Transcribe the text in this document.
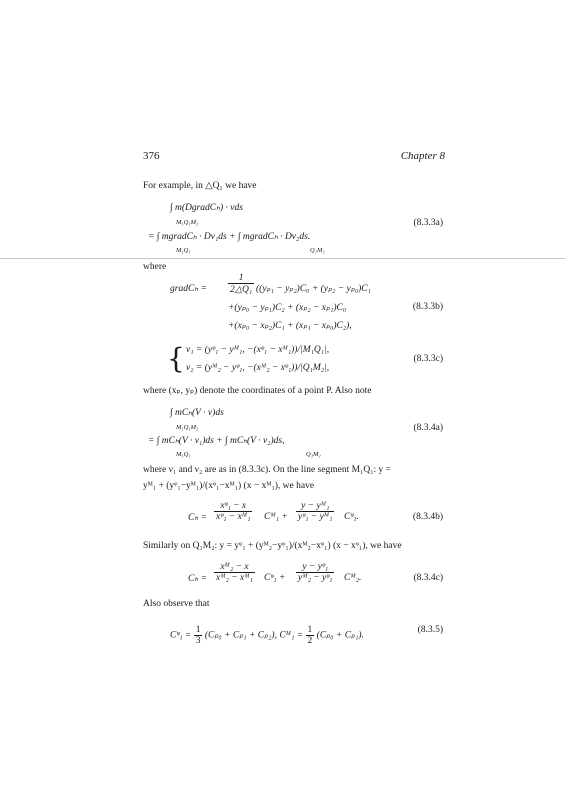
376	Chapter 8
For example, in △Q₁ we have
∫ m(DgradCₕ) · νds
M₁Q₁M₂
= ∫ mgradCₕ · Dν₁ds + ∫ mgradCₕ · Dν₂ds.
M₁Q₁	Q₁M₂
(8.3.3a)
where
gradCₕ = $\frac{1}{\text{2△Q₁}} ((y_{p1} - y_{p2})C_0 + (y_{p2} - y_{p0})C_1$
+(yₚ₀ − yₚ₁)C₂ + (xₚ₂ − xₚ₁)C₀
+(xₚ₀ − xₚ₂)C₁ + (xₚ₁ − xₚ₀)C₂),
(8.3.3b)
{ ν₁ = (yᵠ₁ − yᴹ₁, −(xᵠ₁ − xᴹ₁))/|M₁Q₁|,
ν₂ = (yᴹ₂ − yᵠ₁, −(xᴹ₂ − xᵠ₁))/|Q₁M₂|,
(8.3.3c)
where (xₚ, yₚ) denote the coordinates of a point P. Also note
∫ mCₕ(V · ν)ds
M₁Q₁M₂
= ∫ mCₕ(V · ν₁)ds + ∫ mCₕ(V · ν₂)ds,
M₁Q₁	Q₁M₂
(8.3.4a)
where ν₁ and ν₂ are as in (8.3.3c). On the line segment M₁Q₁: y =
yᴹ₁ + (yᵠ₁−yᴹ₁)/(xᵠ₁−xᴹ₁) (x − xᴹ₁), we have
$C_h = \frac{\text{xᵠ₁ − x}}{\text{xᵠ₁ − xᴹ₁}}$ Cᴹ₁ + $\frac{\text{y − yᴹ₁}}{\text{yᵠ₁ − yᴹ₁}}$ Cᵠ₁.	(8.3.4b)
Similarly on Q₁M₂: y = yᵠ₁ + (yᴹ₂−yᵠ₁)/(xᴹ₂−xᵠ₁) (x − xᵠ₁), we have
$C_h = \frac{\text{xᴹ₂ − x}}{\text{xᴹ₂ − xᴹ₁}}$ Cᵠ₁ + $\frac{\text{y − yᵠ₁}}{\text{yᴹ₂ − yᵠ₁}}$ Cᴹ₂.	(8.3.4c)
Also observe that
Cᵠ₁ = $\frac{1}{3} (C_{p0} + C_{p1} + C_{p2})$, Cᴹ₁ = $\frac{1}{2} (C_{p0} + C_{p1})$.
(8.3.5)
